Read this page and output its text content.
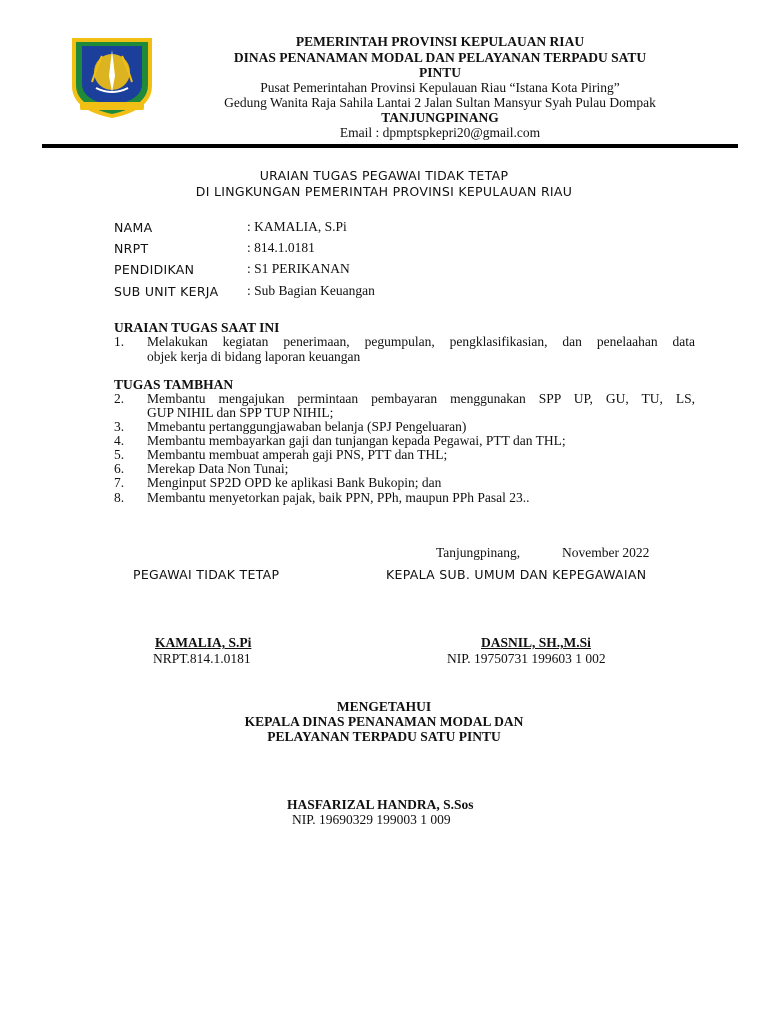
PEMERINTAH PROVINSI KEPULAUAN RIAU
DINAS PENANAMAN MODAL DAN PELAYANAN TERPADU SATU
PINTU
Pusat Pemerintahan Provinsi Kepulauan Riau “Istana Kota Piring”
Gedung Wanita Raja Sahila Lantai 2 Jalan Sultan Mansyur Syah Pulau Dompak
TANJUNGPINANG
Email : dpmptspkepri20@gmail.com
URAIAN TUGAS PEGAWAI TIDAK TETAP
DI LINGKUNGAN PEMERINTAH PROVINSI KEPULAUAN RIAU
NAMA	: KAMALIA, S.Pi
NRPT	: 814.1.0181
PENDIDIKAN	: S1 PERIKANAN
SUB UNIT KERJA : Sub Bagian Keuangan
URAIAN TUGAS SAAT INI
1. Melakukan kegiatan penerimaan, pegumpulan, pengklasifikasian, dan penelaahan data
objek kerja di bidang laporan keuangan
TUGAS TAMBHAN
2. Membantu mengajukan permintaan pembayaran menggunakan SPP UP, GU, TU, LS,
GUP NIHIL dan SPP TUP NIHIL;
3. Mmebantu pertanggungjawaban belanja (SPJ Pengeluaran)
4. Membantu membayarkan gaji dan tunjangan kepada Pegawai, PTT dan THL;
5. Membantu membuat amperah gaji PNS, PTT dan THL;
6. Merekap Data Non Tunai;
7. Menginput SP2D OPD ke aplikasi Bank Bukopin; dan
8. Membantu menyetorkan pajak, baik PPN, PPh, maupun PPh Pasal 23..
Tanjungpinang,	November 2022
PEGAWAI TIDAK TETAP	KEPALA SUB. UMUM DAN KEPEGAWAIAN
KAMALIA, S.Pi
NRPT.814.1.0181
DASNIL, SH.,M.Si
NIP. 19750731 199603 1 002
MENGETAHUI
KEPALA DINAS PENANAMAN MODAL DAN
PELAYANAN TERPADU SATU PINTU
HASFARIZAL HANDRA, S.Sos
NIP. 19690329 199003 1 009
